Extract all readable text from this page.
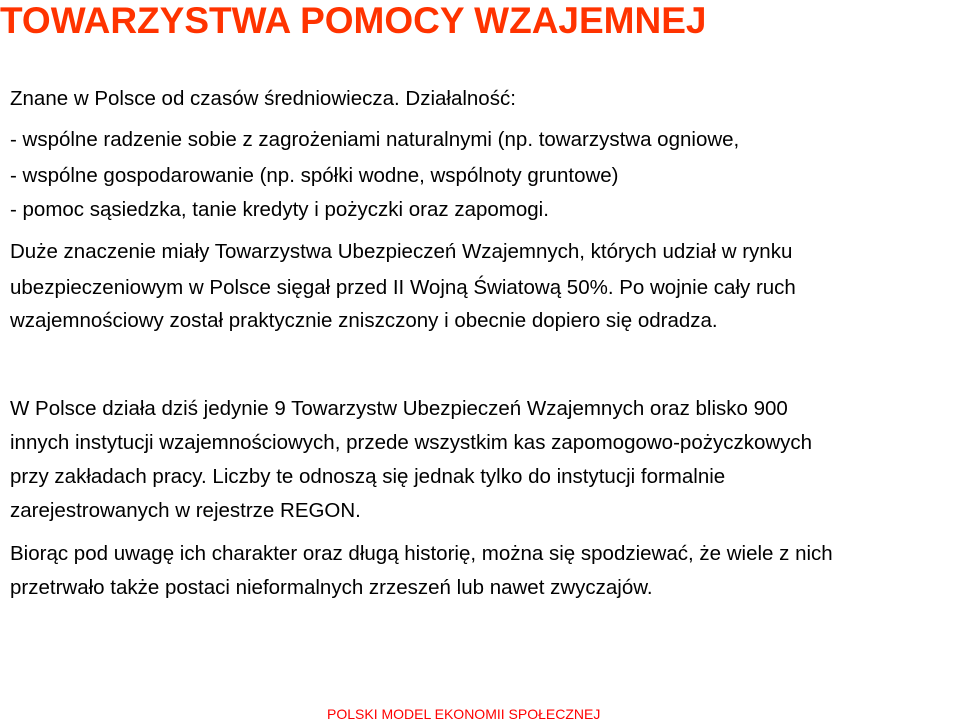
TOWARZYSTWA POMOCY WZAJEMNEJ
Znane w Polsce od czasów średniowiecza. Działalność:
- wspólne radzenie sobie z zagrożeniami naturalnymi (np. towarzystwa ogniowe,
- wspólne gospodarowanie (np. spółki wodne, wspólnoty gruntowe)
- pomoc sąsiedzka, tanie kredyty i pożyczki oraz zapomogi.
Duże znaczenie miały Towarzystwa Ubezpieczeń Wzajemnych, których udział w rynku
ubezpieczeniowym w Polsce sięgał przed II Wojną Światową 50%. Po wojnie cały ruch
wzajemnościowy został praktycznie zniszczony i obecnie dopiero się odradza.
W Polsce działa dziś jedynie 9 Towarzystw Ubezpieczeń Wzajemnych oraz blisko 900
innych instytucji wzajemnościowych, przede wszystkim kas zapomogowo-pożyczkowych
przy zakładach pracy. Liczby te odnoszą się jednak tylko do instytucji formalnie
zarejestrowanych w rejestrze REGON.
Biorąc pod uwagę ich charakter oraz długą historię, można się spodziewać, że wiele z nich
przetrwało także postaci nieformalnych zrzeszeń lub nawet zwyczajów.
POLSKI MODEL EKONOMII SPOŁECZNEJ
